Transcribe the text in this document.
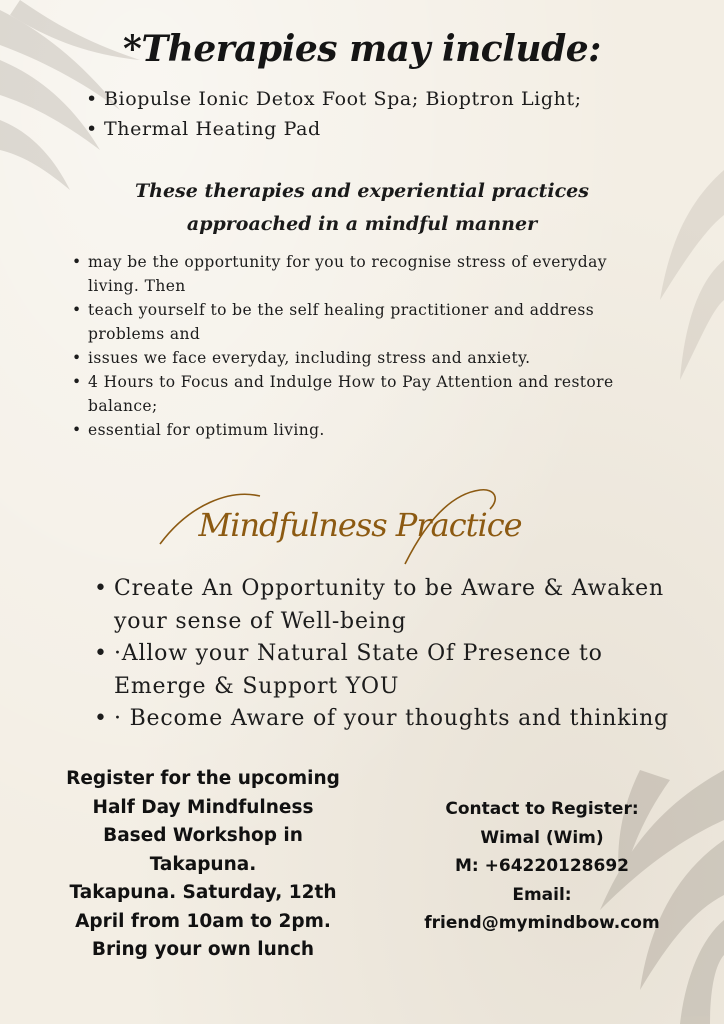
*Therapies may include:
• Biopulse Ionic Detox Foot Spa; Bioptron Light;
• Thermal Heating Pad
These therapies and experiential practices
approached in a mindful manner
• may be the opportunity for you to recognise stress of everyday living. Then
• teach yourself to be the self healing practitioner and address problems and
• issues we face everyday, including stress and anxiety.
• 4 Hours to Focus and Indulge How to Pay Attention and restore balance;
• essential for optimum living.
Mindfulness Practice
• Create An Opportunity to be Aware & Awaken your sense of Well-being
• ·Allow your Natural State Of Presence to Emerge & Support YOU
• · Become Aware of your thoughts and thinking
Register for the upcoming
Half Day Mindfulness
Based Workshop in
Takapuna.
Takapuna. Saturday, 12th
April from 10am to 2pm.
Bring your own lunch
Contact to Register:
Wimal (Wim)
M: +64220128692
Email:
friend@mymindbow.com
